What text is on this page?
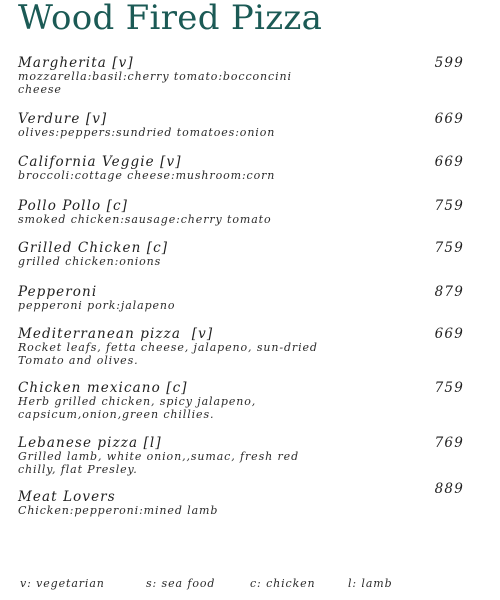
Wood Fired Pizza
Margherita [v]
mozzarella:basil:cherry tomato:bocconcini
cheese
599
Verdure [v]
olives:peppers:sundried tomatoes:onion
669
California Veggie [v]
broccoli:cottage cheese:mushroom:corn
669
Pollo Pollo [c]
smoked chicken:sausage:cherry tomato
759
Grilled Chicken [c]
grilled chicken:onions
759
Pepperoni
pepperoni pork:jalapeno
879
Mediterranean pizza  [v]
Rocket leafs, fetta cheese, jalapeno, sun-dried
Tomato and olives.
669
Chicken mexicano [c]
Herb grilled chicken, spicy jalapeno,
capsicum,onion,green chillies.
759
Lebanese pizza [l]
Grilled lamb, white onion,,sumac, fresh red
chilly, flat Presley.
769
Meat Lovers
Chicken:pepperoni:mined lamb
889
v: vegetarian	s: sea food	c: chicken	l: lamb
